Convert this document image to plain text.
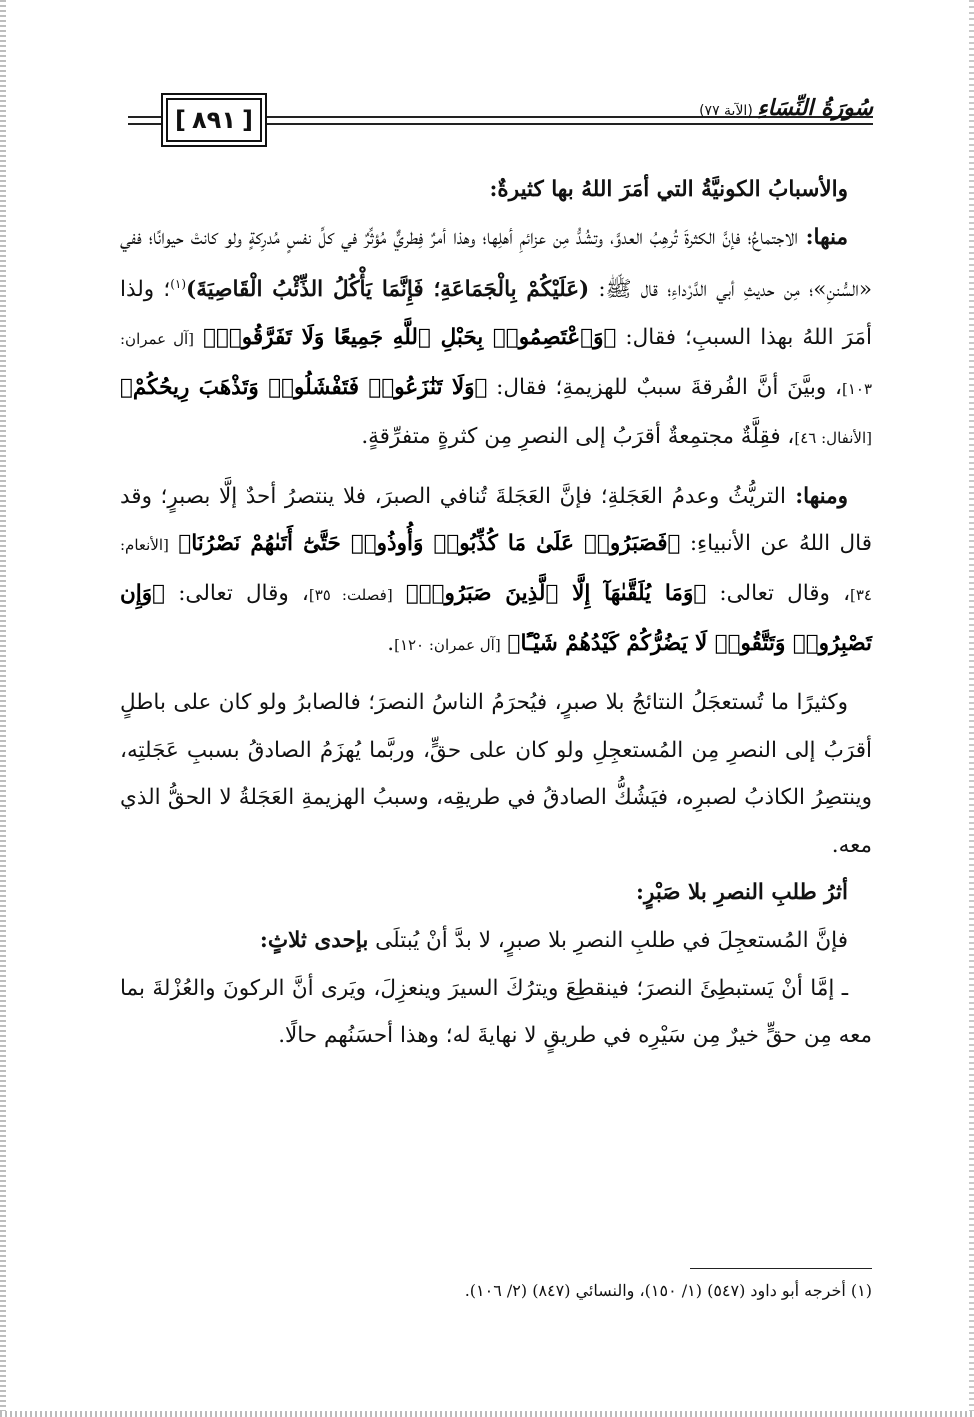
[ ٨٩١ ]	سُورَةُ النِّسَاءِ (الآية ٧٧)

والأسبابُ الكونيَّةُ التي أمَرَ اللهُ بها كثيرةٌ:

منها: الاجتماعُ؛ فإنَّ الكثرةَ تُرهِبُ العدوَّ، وتشُدُّ مِن عزائمِ أهلِها؛ وهذا أمرٌ فِطريٌّ مُؤثِّرٌ في كلِّ نفسٍ مُدرِكةٍ ولو كانتْ حيوانًا؛ ففي «السُّننِ»؛ مِن حديثِ أبي الدَّرْداءِ؛ قال ﷺ: (عَلَيْكُمْ بِالْجَمَاعَةِ؛ فَإِنَّمَا يَأْكُلُ الذِّئْبُ الْقَاصِيَةَ)$^{(١)}$؛ ولذا أمَرَ اللهُ بهذا السببِ؛ فقال: ﴿وَٱعْتَصِمُوا۟ بِحَبْلِ ٱللَّهِ جَمِيعًا وَلَا تَفَرَّقُوا۟﴾ [آل عمران: ١٠٣]، وبيَّنَ أنَّ الفُرقةَ سببٌ للهزيمةِ؛ فقال: ﴿وَلَا تَنَٰزَعُوا۟ فَتَفْشَلُوا۟ وَتَذْهَبَ رِيحُكُمْ﴾ [الأنفال: ٤٦]، فقِلَّةٌ مجتمِعةٌ أقرَبُ إلى النصرِ مِن كثرةٍ متفرِّقةٍ.

ومنها: التريُّثُ وعدمُ العَجَلةِ؛ فإنَّ العَجَلةَ تُنافي الصبرَ، فلا ينتصرُ أحدٌ إلَّا بصبرٍ؛ وقد قال اللهُ عن الأنبياءِ: ﴿فَصَبَرُوا۟ عَلَىٰ مَا كُذِّبُوا۟ وَأُوذُوا۟ حَتَّىٰٓ أَتَىٰهُمْ نَصْرُنَا﴾ [الأنعام: ٣٤]، وقال تعالى: ﴿وَمَا يُلَقَّىٰهَآ إِلَّا ٱلَّذِينَ صَبَرُوا۟﴾ [فصلت: ٣٥]، وقال تعالى: ﴿وَإِن تَصْبِرُوا۟ وَتَتَّقُوا۟ لَا يَضُرُّكُمْ كَيْدُهُمْ شَيْـًٔا﴾ [آل عمران: ١٢٠].

وكثيرًا ما تُستعجَلُ النتائجُ بلا صبرٍ، فيُحرَمُ الناسُ النصرَ؛ فالصابرُ ولو كان على باطلٍ أقرَبُ إلى النصرِ مِن المُستعجِلِ ولو كان على حقٍّ، وربَّما يُهزَمُ الصادقُ بسببِ عَجَلتِه، وينتصِرُ الكاذبُ لصبرِه، فيَشُكُّ الصادقُ في طريقِه، وسببُ الهزيمةِ العَجَلةُ لا الحقُّ الذي معه.

أثرُ طلبِ النصرِ بلا صَبْرٍ:

فإنَّ المُستعجِلَ في طلبِ النصرِ بلا صبرٍ، لا بدَّ أنْ يُبتلَى بإحدى ثلاثٍ:

ـ إمَّا أنْ يَستبطِئَ النصرَ؛ فينقطِعَ ويترُكَ السيرَ وينعزِلَ، ويَرى أنَّ الركونَ والعُزْلةَ بما معه مِن حقٍّ خيرٌ مِن سَيْرِه في طريقٍ لا نهايةَ له؛ وهذا أحسَنُهم حالًا.

(١) أخرجه أبو داود (٥٤٧) (١/ ١٥٠)، والنسائي (٨٤٧) (٢/ ١٠٦).
